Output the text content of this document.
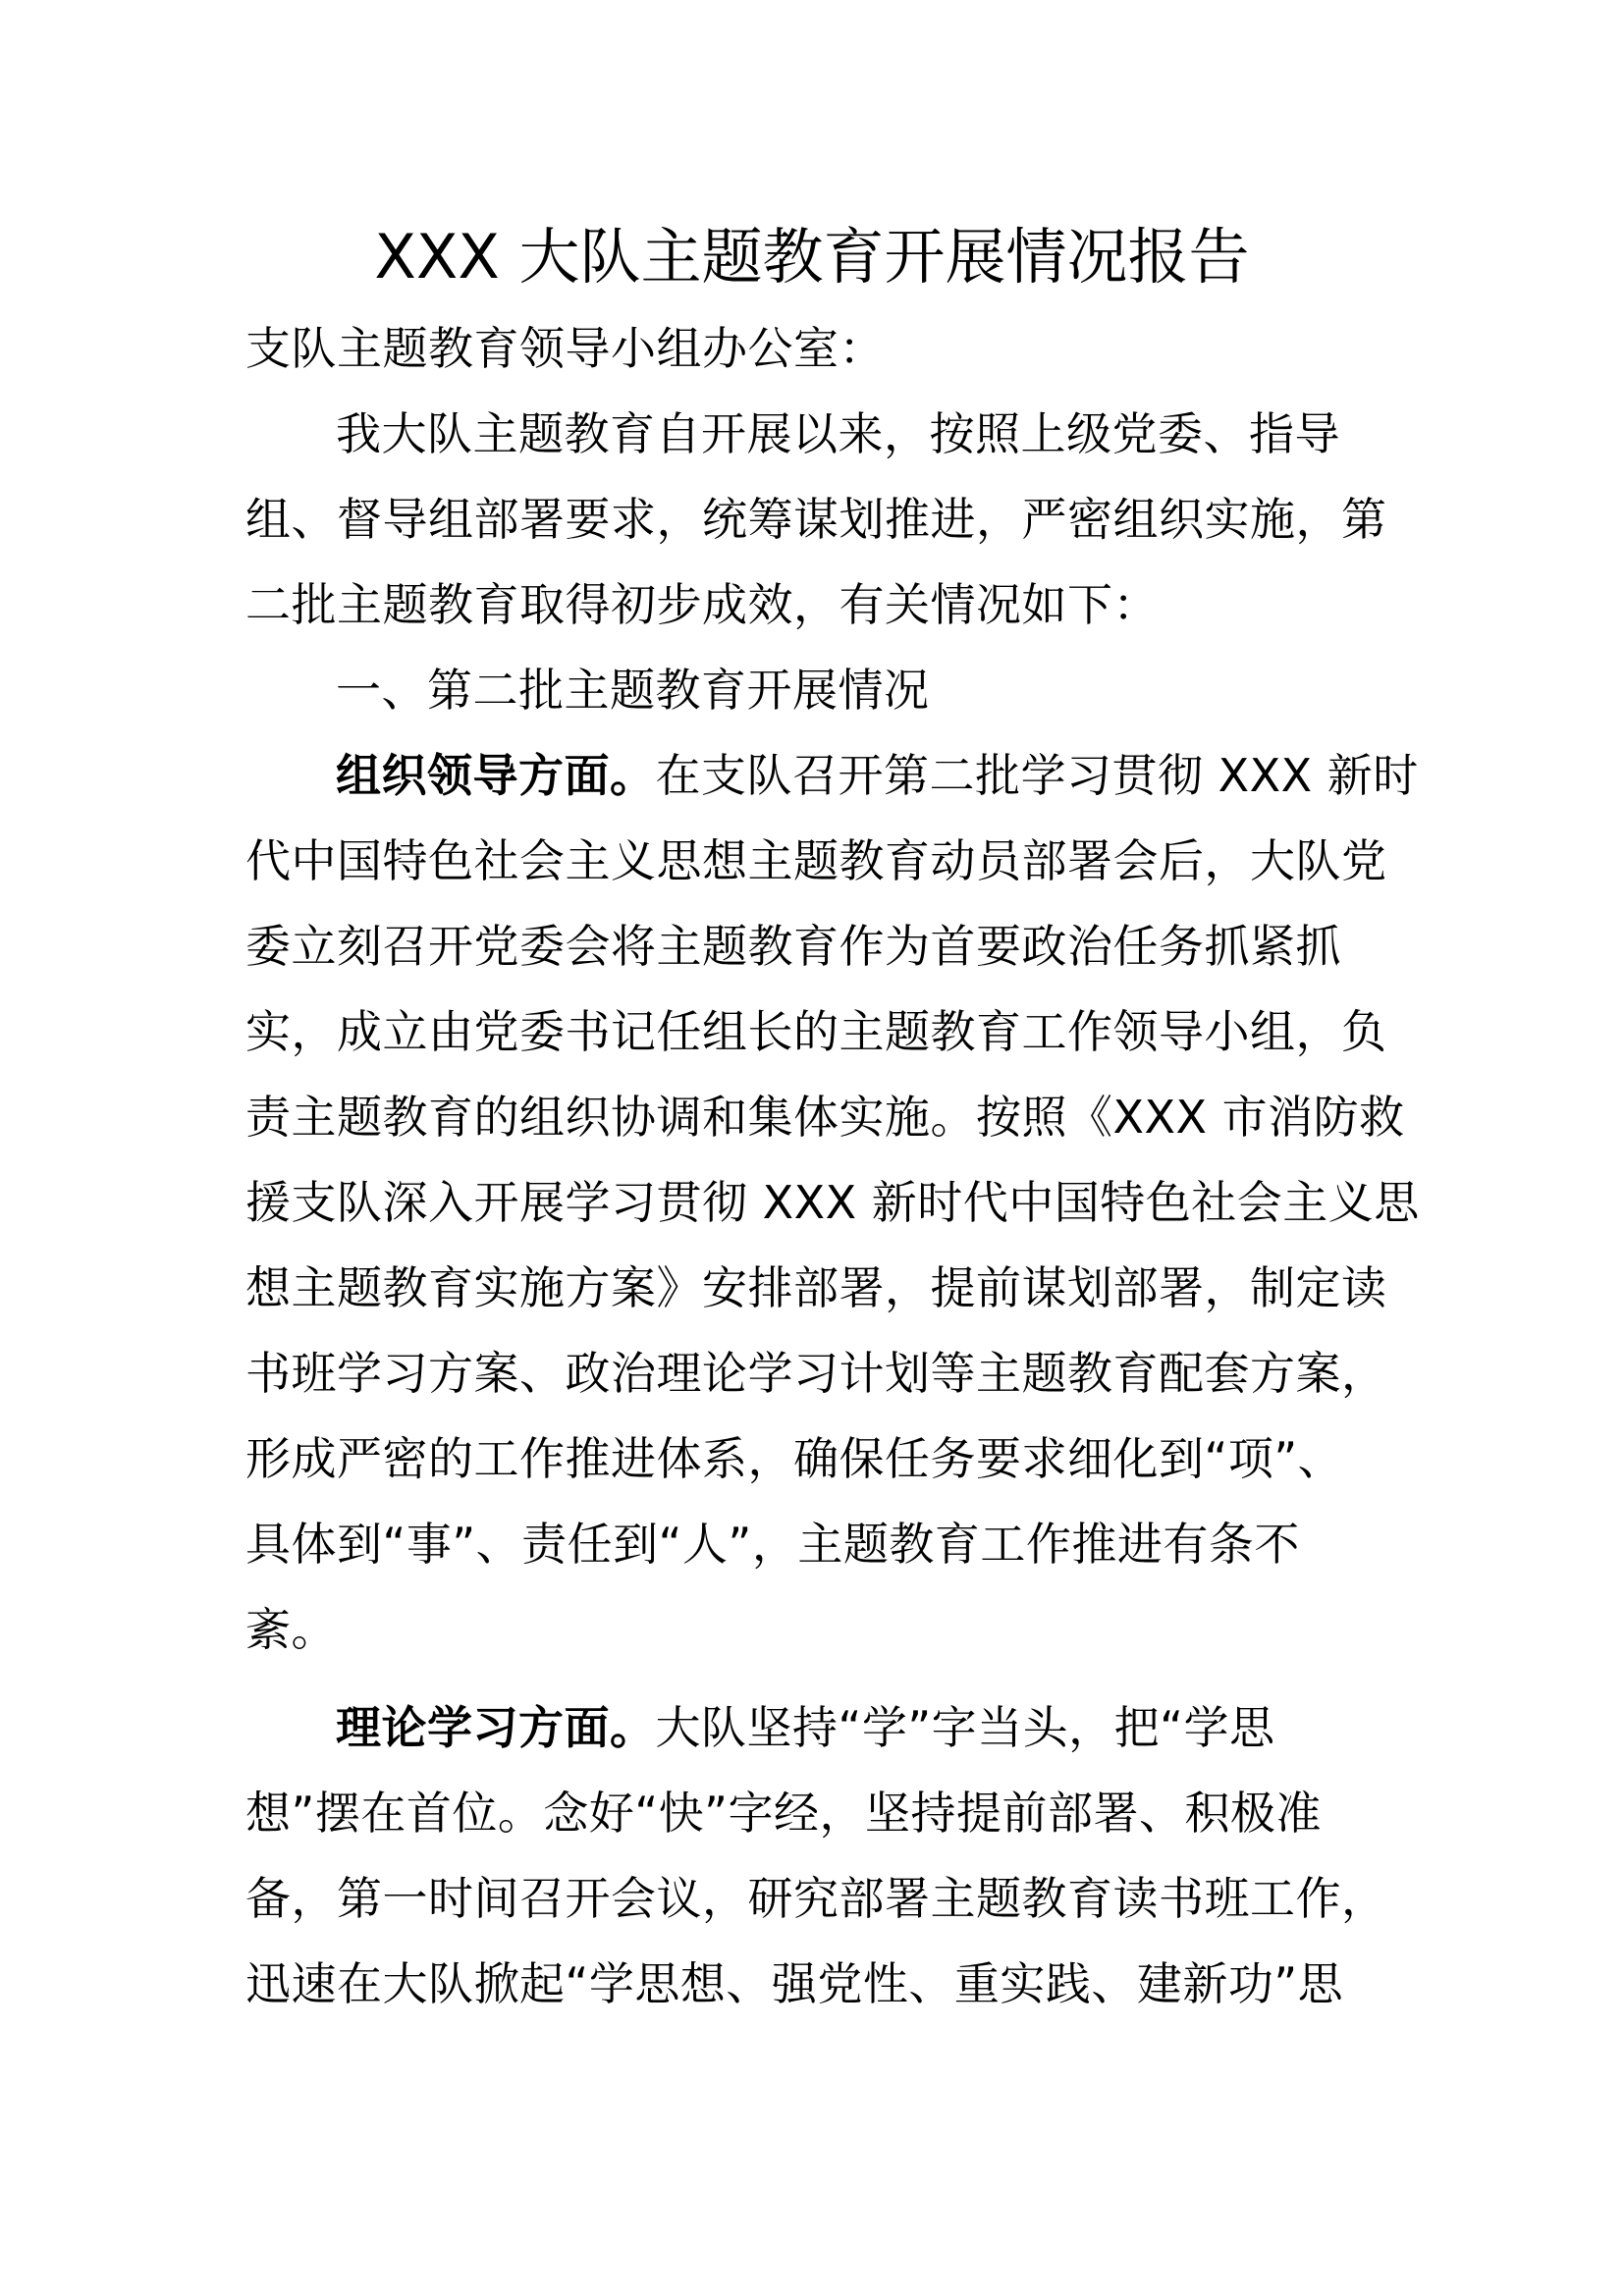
XXX 大队主题教育开展情况报告
支队主题教育领导小组办公室：
我大队主题教育自开展以来，按照上级党委、指导
组、督导组部署要求，统筹谋划推进，严密组织实施，第
二批主题教育取得初步成效，有关情况如下：
一、第二批主题教育开展情况
组织领导方面。在支队召开第二批学习贯彻 XXX 新时
代中国特色社会主义思想主题教育动员部署会后，大队党
委立刻召开党委会将主题教育作为首要政治任务抓紧抓
实，成立由党委书记任组长的主题教育工作领导小组，负
责主题教育的组织协调和集体实施。按照《XXX 市消防救
援支队深入开展学习贯彻 XXX 新时代中国特色社会主义思
想主题教育实施方案》安排部署，提前谋划部署，制定读
书班学习方案、政治理论学习计划等主题教育配套方案，
形成严密的工作推进体系，确保任务要求细化到“项”、
具体到“事”、责任到“人”，主题教育工作推进有条不
紊。
理论学习方面。大队坚持“学”字当头，把“学思
想”摆在首位。念好“快”字经，坚持提前部署、积极准
备，第一时间召开会议，研究部署主题教育读书班工作，
迅速在大队掀起“学思想、强党性、重实践、建新功”思
